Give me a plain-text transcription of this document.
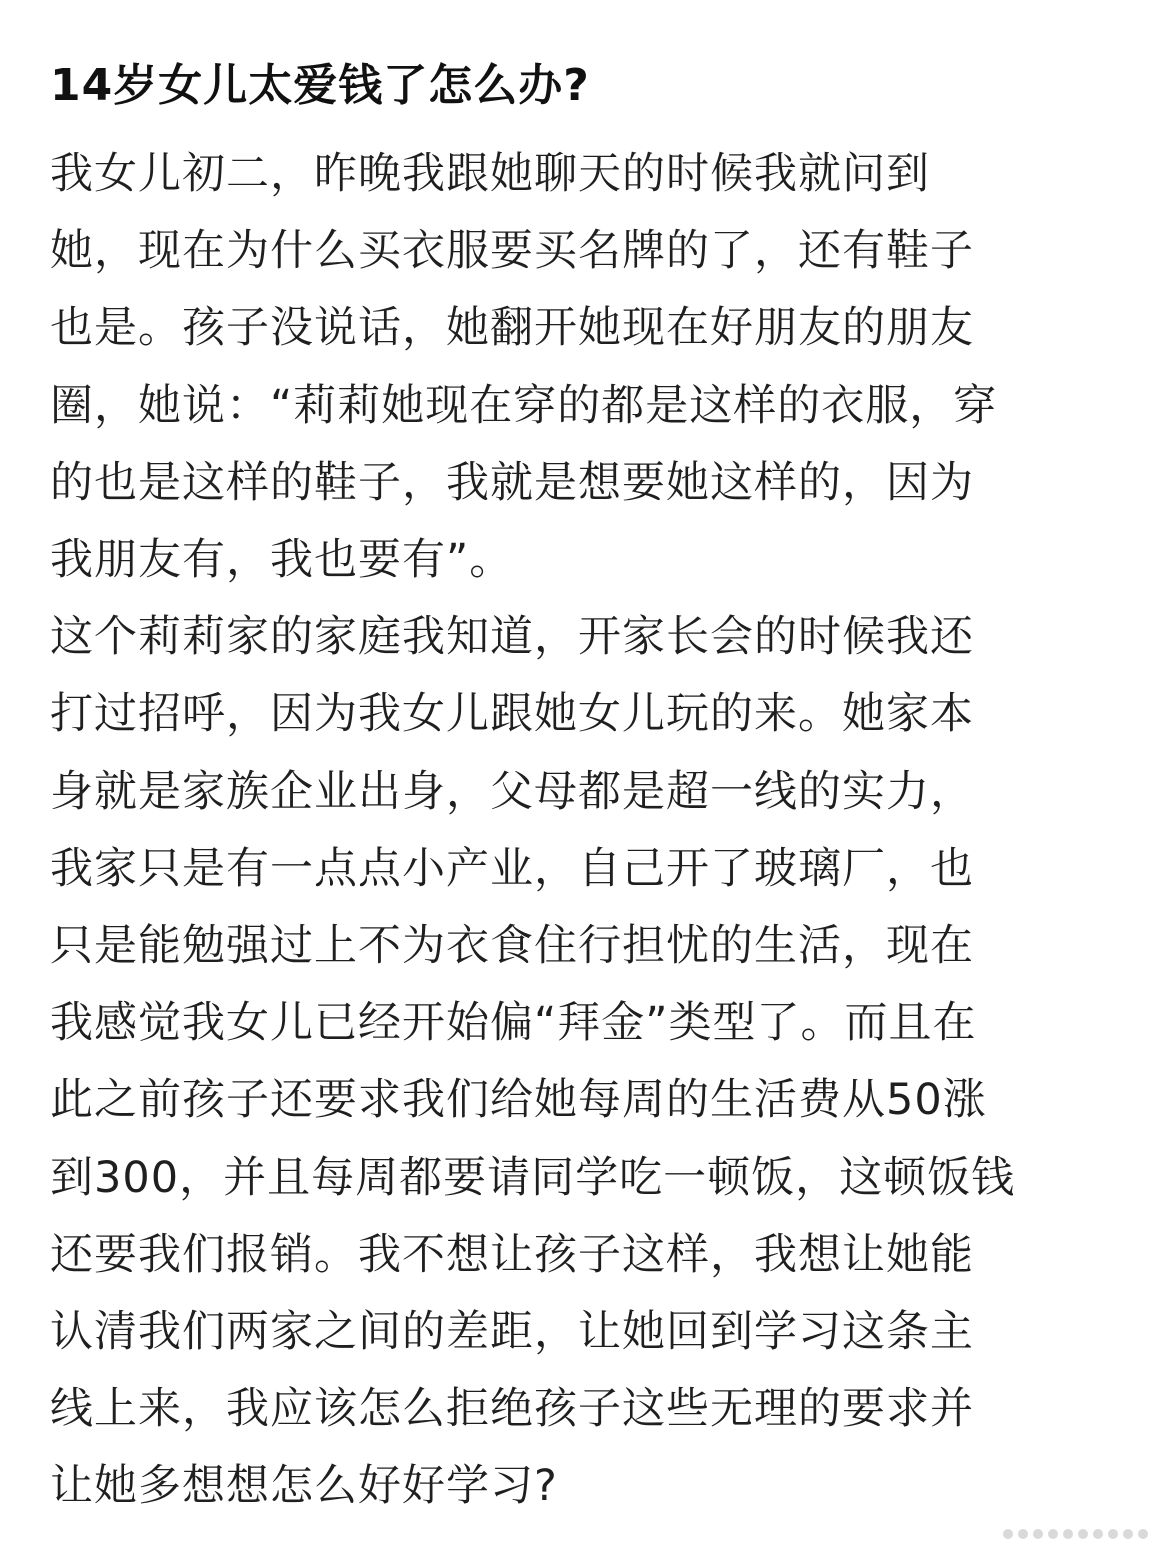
14岁女儿太爱钱了怎么办?
我女儿初二，昨晚我跟她聊天的时候我就问到
她，现在为什么买衣服要买名牌的了，还有鞋子
也是。孩子没说话，她翻开她现在好朋友的朋友
圈，她说：“莉莉她现在穿的都是这样的衣服，穿
的也是这样的鞋子，我就是想要她这样的，因为
我朋友有，我也要有”。
这个莉莉家的家庭我知道，开家长会的时候我还
打过招呼，因为我女儿跟她女儿玩的来。她家本
身就是家族企业出身，父母都是超一线的实力，
我家只是有一点点小产业，自己开了玻璃厂，也
只是能勉强过上不为衣食住行担忧的生活，现在
我感觉我女儿已经开始偏“拜金”类型了。而且在
此之前孩子还要求我们给她每周的生活费从50涨
到300，并且每周都要请同学吃一顿饭，这顿饭钱
还要我们报销。我不想让孩子这样，我想让她能
认清我们两家之间的差距，让她回到学习这条主
线上来，我应该怎么拒绝孩子这些无理的要求并
让她多想想怎么好好学习?
